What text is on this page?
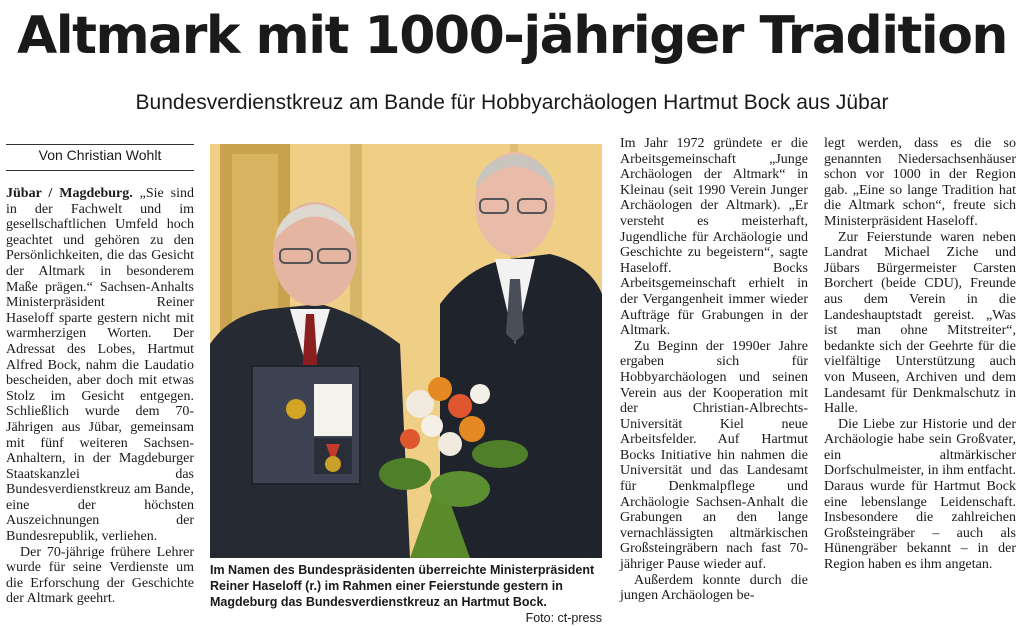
Altmark mit 1000-jähriger Tradition
Bundesverdienstkreuz am Bande für Hobbyarchäologen Hartmut Bock aus Jübar
Von Christian Wohlt

Jübar / Magdeburg. „Sie sind in der Fachwelt und im gesellschaftlichen Umfeld hoch geachtet und gehören zu den Persönlichkeiten, die das Gesicht der Altmark in besonderem Maße prägen.“ Sachsen-Anhalts Ministerpräsident Reiner Haseloff sparte gestern nicht mit warmherzigen Worten. Der Adressat des Lobes, Hartmut Alfred Bock, nahm die Laudatio bescheiden, aber doch mit etwas Stolz im Gesicht entgegen. Schließlich wurde dem 70-Jährigen aus Jübar, gemeinsam mit fünf weiteren Sachsen-Anhaltern, in der Magdeburger Staatskanzlei das Bundesverdienstkreuz am Bande, eine der höchsten Auszeichnungen der Bundesrepublik, verliehen.

Der 70-jährige frühere Lehrer wurde für seine Verdienste um die Erforschung der Geschichte der Altmark geehrt.

Im Namen des Bundespräsidenten überreichte Ministerpräsident Reiner Haseloff (r.) im Rahmen einer Feierstunde gestern in Magdeburg das Bundesverdienstkreuz an Hartmut Bock.
Foto: ct-press

Im Jahr 1972 gründete er die Arbeitsgemeinschaft „Junge Archäologen der Altmark“ in Kleinau (seit 1990 Verein Junger Archäologen der Altmark). „Er versteht es meisterhaft, Jugendliche für Archäologie und Geschichte zu begeistern“, sagte Haseloff. Bocks Arbeitsgemeinschaft erhielt in der Vergangenheit immer wieder Aufträge für Grabungen in der Altmark.

Zu Beginn der 1990er Jahre ergaben sich für Hobbyarchäologen und seinen Verein aus der Kooperation mit der Christian-Albrechts-Universität Kiel neue Arbeitsfelder. Auf Hartmut Bocks Initiative hin nahmen die Universität und das Landesamt für Denkmalpflege und Archäologie Sachsen-Anhalt die Grabungen an den lange vernachlässigten altmärkischen Großsteingräbern nach fast 70-jähriger Pause wieder auf.

Außerdem konnte durch die jungen Archäologen be-

legt werden, dass es die so genannten Niedersachsenhäuser schon vor 1000 in der Region gab. „Eine so lange Tradition hat die Altmark schon“, freute sich Ministerpräsident Haseloff.

Zur Feierstunde waren neben Landrat Michael Ziche und Jübars Bürgermeister Carsten Borchert (beide CDU), Freunde aus dem Verein in die Landeshauptstadt gereist. „Was ist man ohne Mitstreiter“, bedankte sich der Geehrte für die vielfältige Unterstützung auch von Museen, Archiven und dem Landesamt für Denkmalschutz in Halle.

Die Liebe zur Historie und der Archäologie habe sein Großvater, ein altmärkischer Dorfschulmeister, in ihm entfacht. Daraus wurde für Hartmut Bock eine lebenslange Leidenschaft. Insbesondere die zahlreichen Großsteingräber – auch als Hünengräber bekannt – in der Region haben es ihm angetan.
